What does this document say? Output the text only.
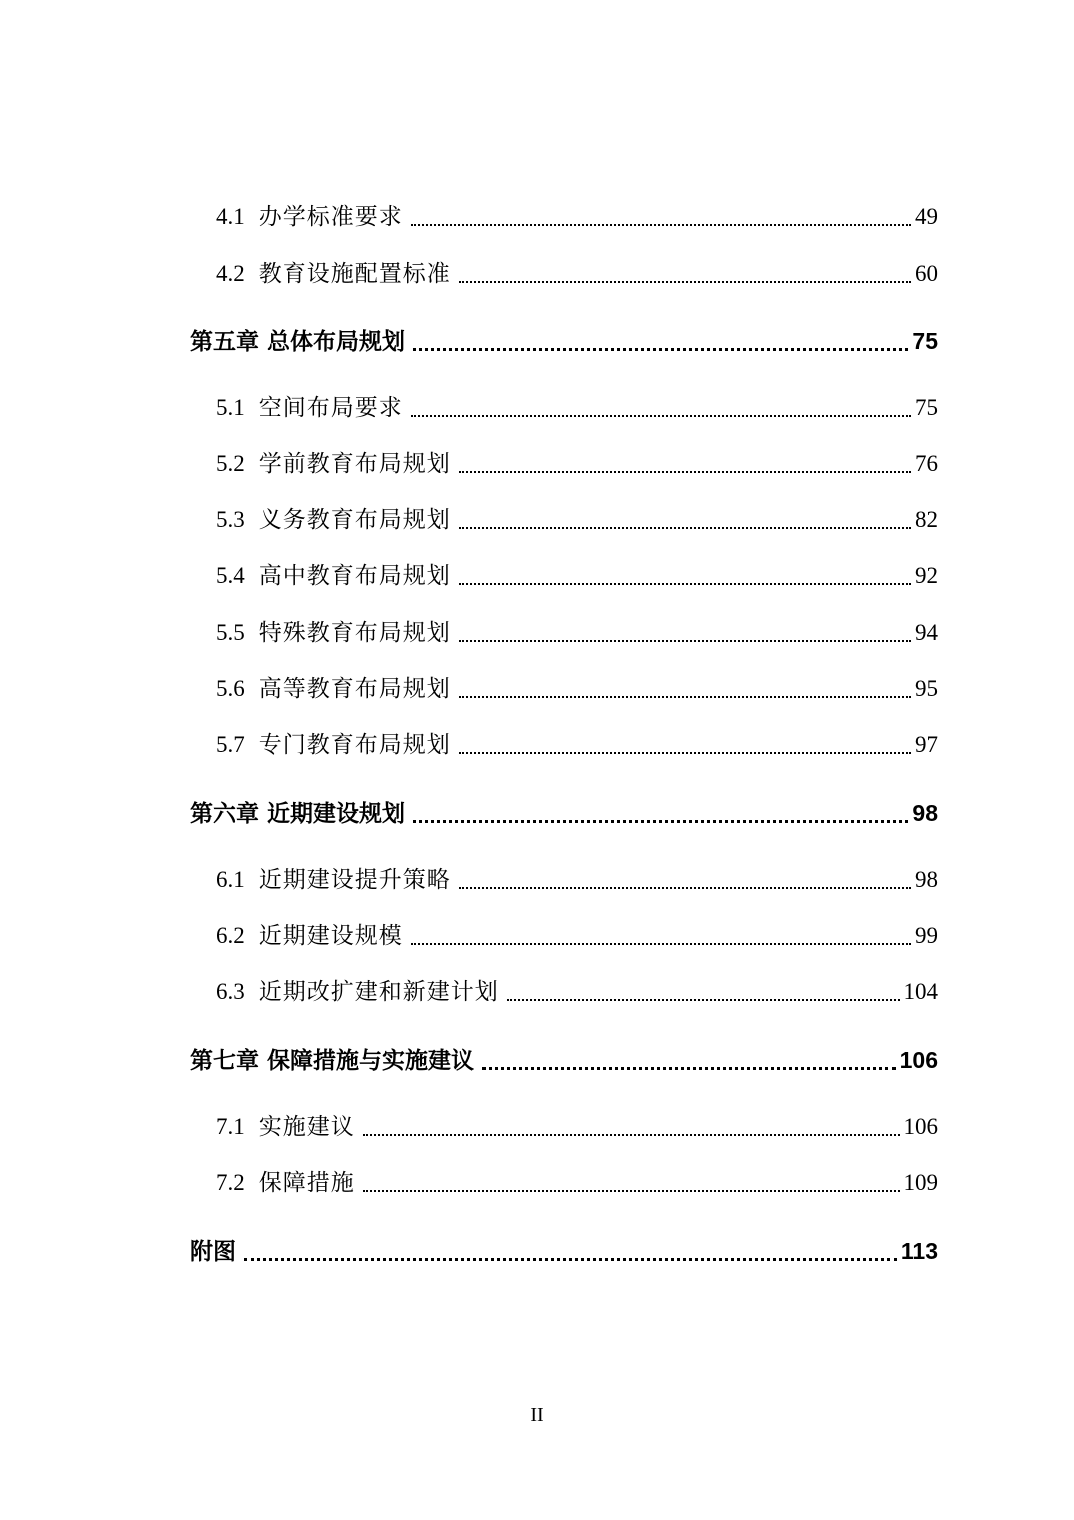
4.1 办学标准要求	49
4.2 教育设施配置标准	60
第五章 总体布局规划	75
5.1 空间布局要求	75
5.2 学前教育布局规划	76
5.3 义务教育布局规划	82
5.4 高中教育布局规划	92
5.5 特殊教育布局规划	94
5.6 高等教育布局规划	95
5.7 专门教育布局规划	97
第六章 近期建设规划	98
6.1 近期建设提升策略	98
6.2 近期建设规模	99
6.3 近期改扩建和新建计划	104
第七章 保障措施与实施建议	106
7.1 实施建议	106
7.2 保障措施	109
附图	113
II
